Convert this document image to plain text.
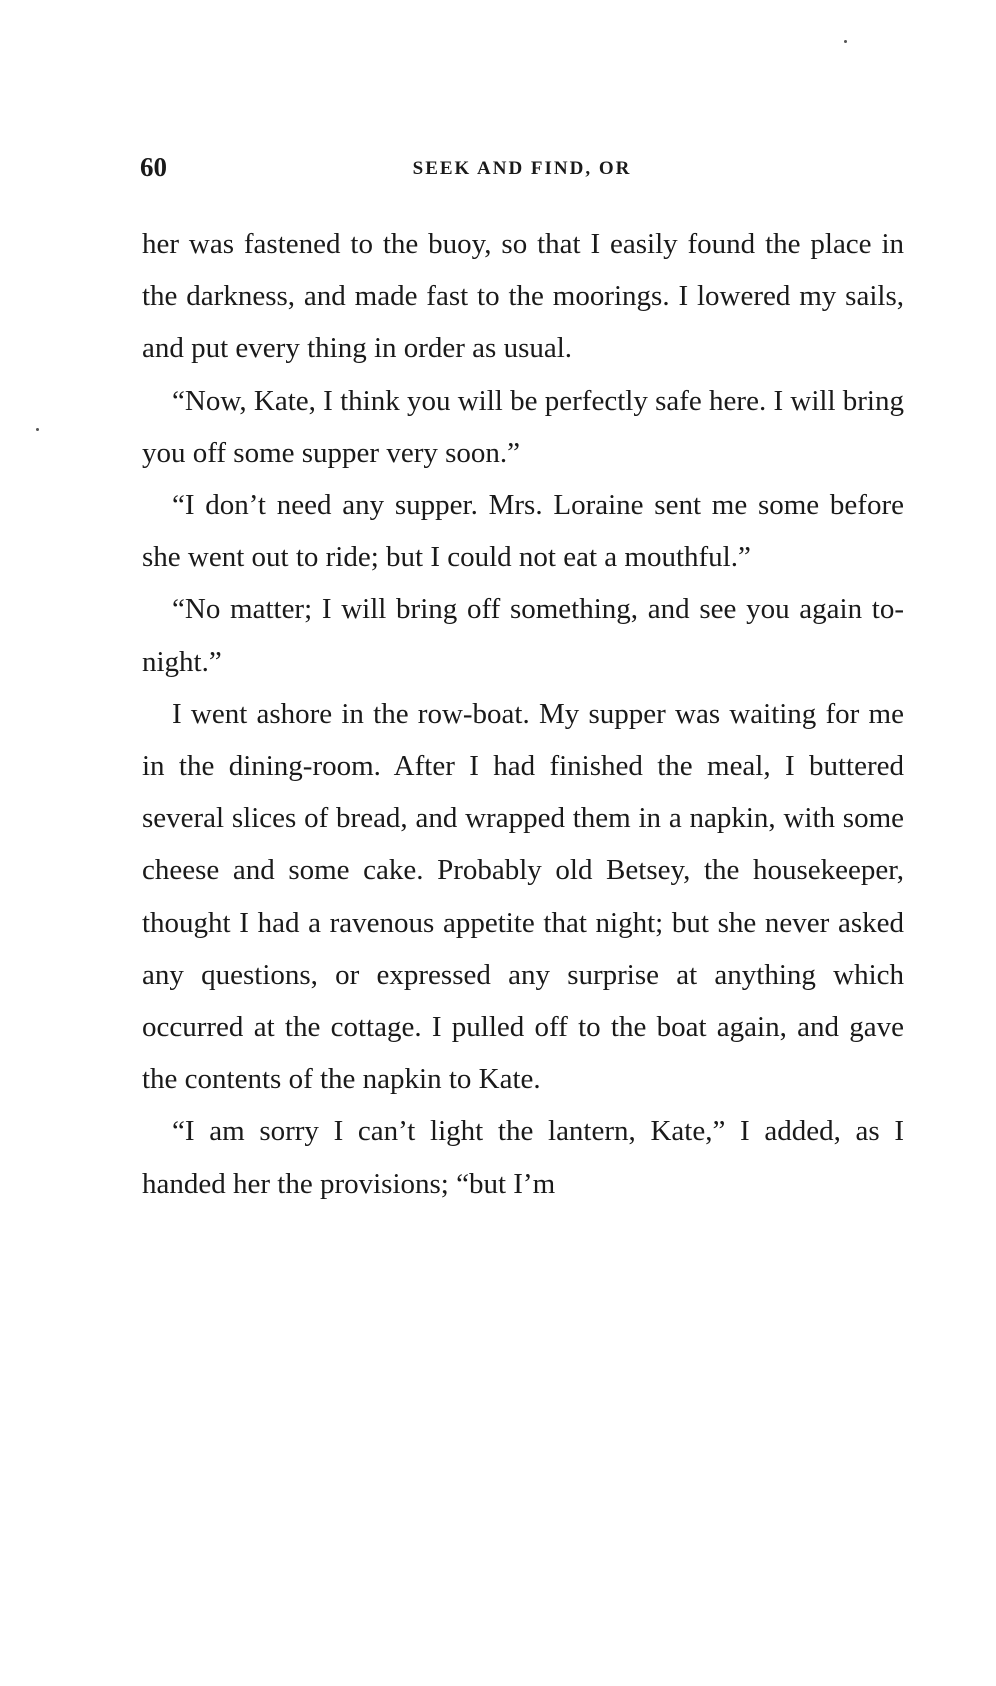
60	SEEK AND FIND, OR

her was fastened to the buoy, so that I easily found the place in the darkness, and made fast to the moorings. I lowered my sails, and put every thing in order as usual.

“Now, Kate, I think you will be perfectly safe here. I will bring you off some supper very soon.”

“I don’t need any supper. Mrs. Loraine sent me some before she went out to ride; but I could not eat a mouthful.”

“No matter; I will bring off something, and see you again to-night.”

I went ashore in the row-boat. My supper was waiting for me in the dining-room. After I had finished the meal, I buttered several slices of bread, and wrapped them in a napkin, with some cheese and some cake. Probably old Betsey, the housekeeper, thought I had a ravenous appetite that night; but she never asked any questions, or expressed any surprise at anything which occurred at the cottage. I pulled off to the boat again, and gave the contents of the napkin to Kate.

“I am sorry I can’t light the lantern, Kate,” I added, as I handed her the provisions; “but I’m
